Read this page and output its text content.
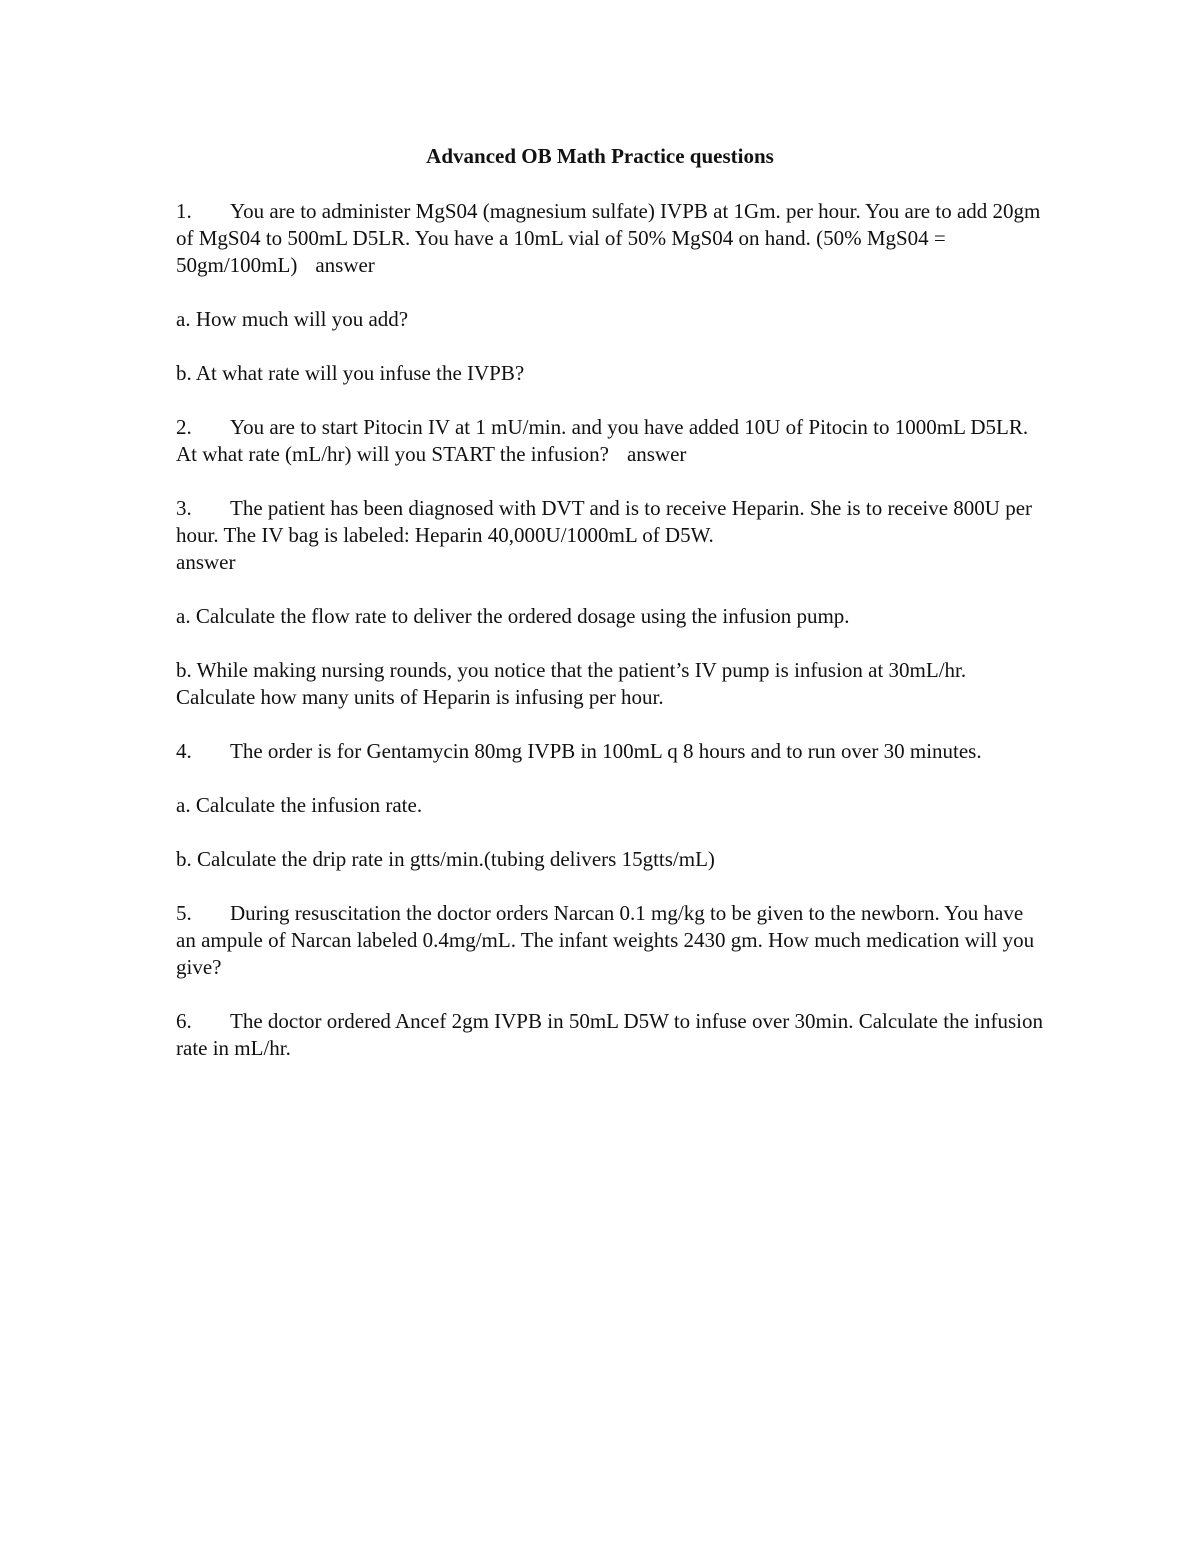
Advanced OB Math Practice questions

1. You are to administer MgS04 (magnesium sulfate) IVPB at 1Gm. per hour. You are to add 20gm of MgS04 to 500mL D5LR. You have a 10mL vial of 50% MgS04 on hand. (50% MgS04 = 50gm/100mL) answer

a. How much will you add?

b. At what rate will you infuse the IVPB?

2. You are to start Pitocin IV at 1 mU/min. and you have added 10U of Pitocin to 1000mL D5LR. At what rate (mL/hr) will you START the infusion? answer

3. The patient has been diagnosed with DVT and is to receive Heparin. She is to receive 800U per hour. The IV bag is labeled: Heparin 40,000U/1000mL of D5W.
answer

a. Calculate the flow rate to deliver the ordered dosage using the infusion pump.

b. While making nursing rounds, you notice that the patient’s IV pump is infusion at 30mL/hr. Calculate how many units of Heparin is infusing per hour.

4. The order is for Gentamycin 80mg IVPB in 100mL q 8 hours and to run over 30 minutes.

a. Calculate the infusion rate.

b. Calculate the drip rate in gtts/min.(tubing delivers 15gtts/mL)

5. During resuscitation the doctor orders Narcan 0.1 mg/kg to be given to the newborn. You have an ampule of Narcan labeled 0.4mg/mL. The infant weights 2430 gm. How much medication will you give?

6. The doctor ordered Ancef 2gm IVPB in 50mL D5W to infuse over 30min. Calculate the infusion rate in mL/hr.
